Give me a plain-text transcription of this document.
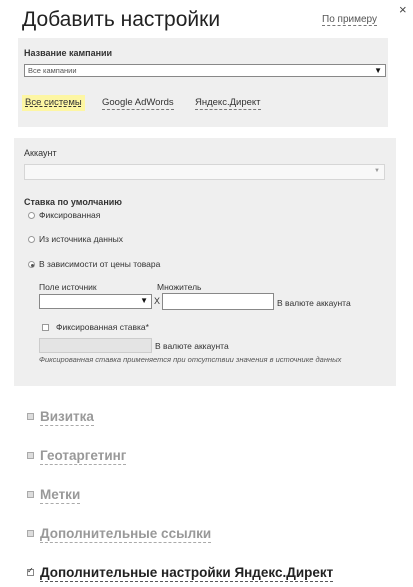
×
Добавить настройки	По примеру
Название кампании
Все кампании	▼
Все системы	Google AdWords Яндекс.Директ
Аккаунт
▼
Ставка по умолчанию
Фиксированная
Из источника данных
В зависимости от цены товара
Поле источник	Множитель
▼ X	В валюте аккаунта
Фиксированная ставка*
В валюте аккаунта
Фиксированная ставка применяется при отсутствии значения в источнике данных
Визитка
Геотаргетинг
Метки
Дополнительные ссылки
✓
Дополнительные настройки Яндекс.Директ
